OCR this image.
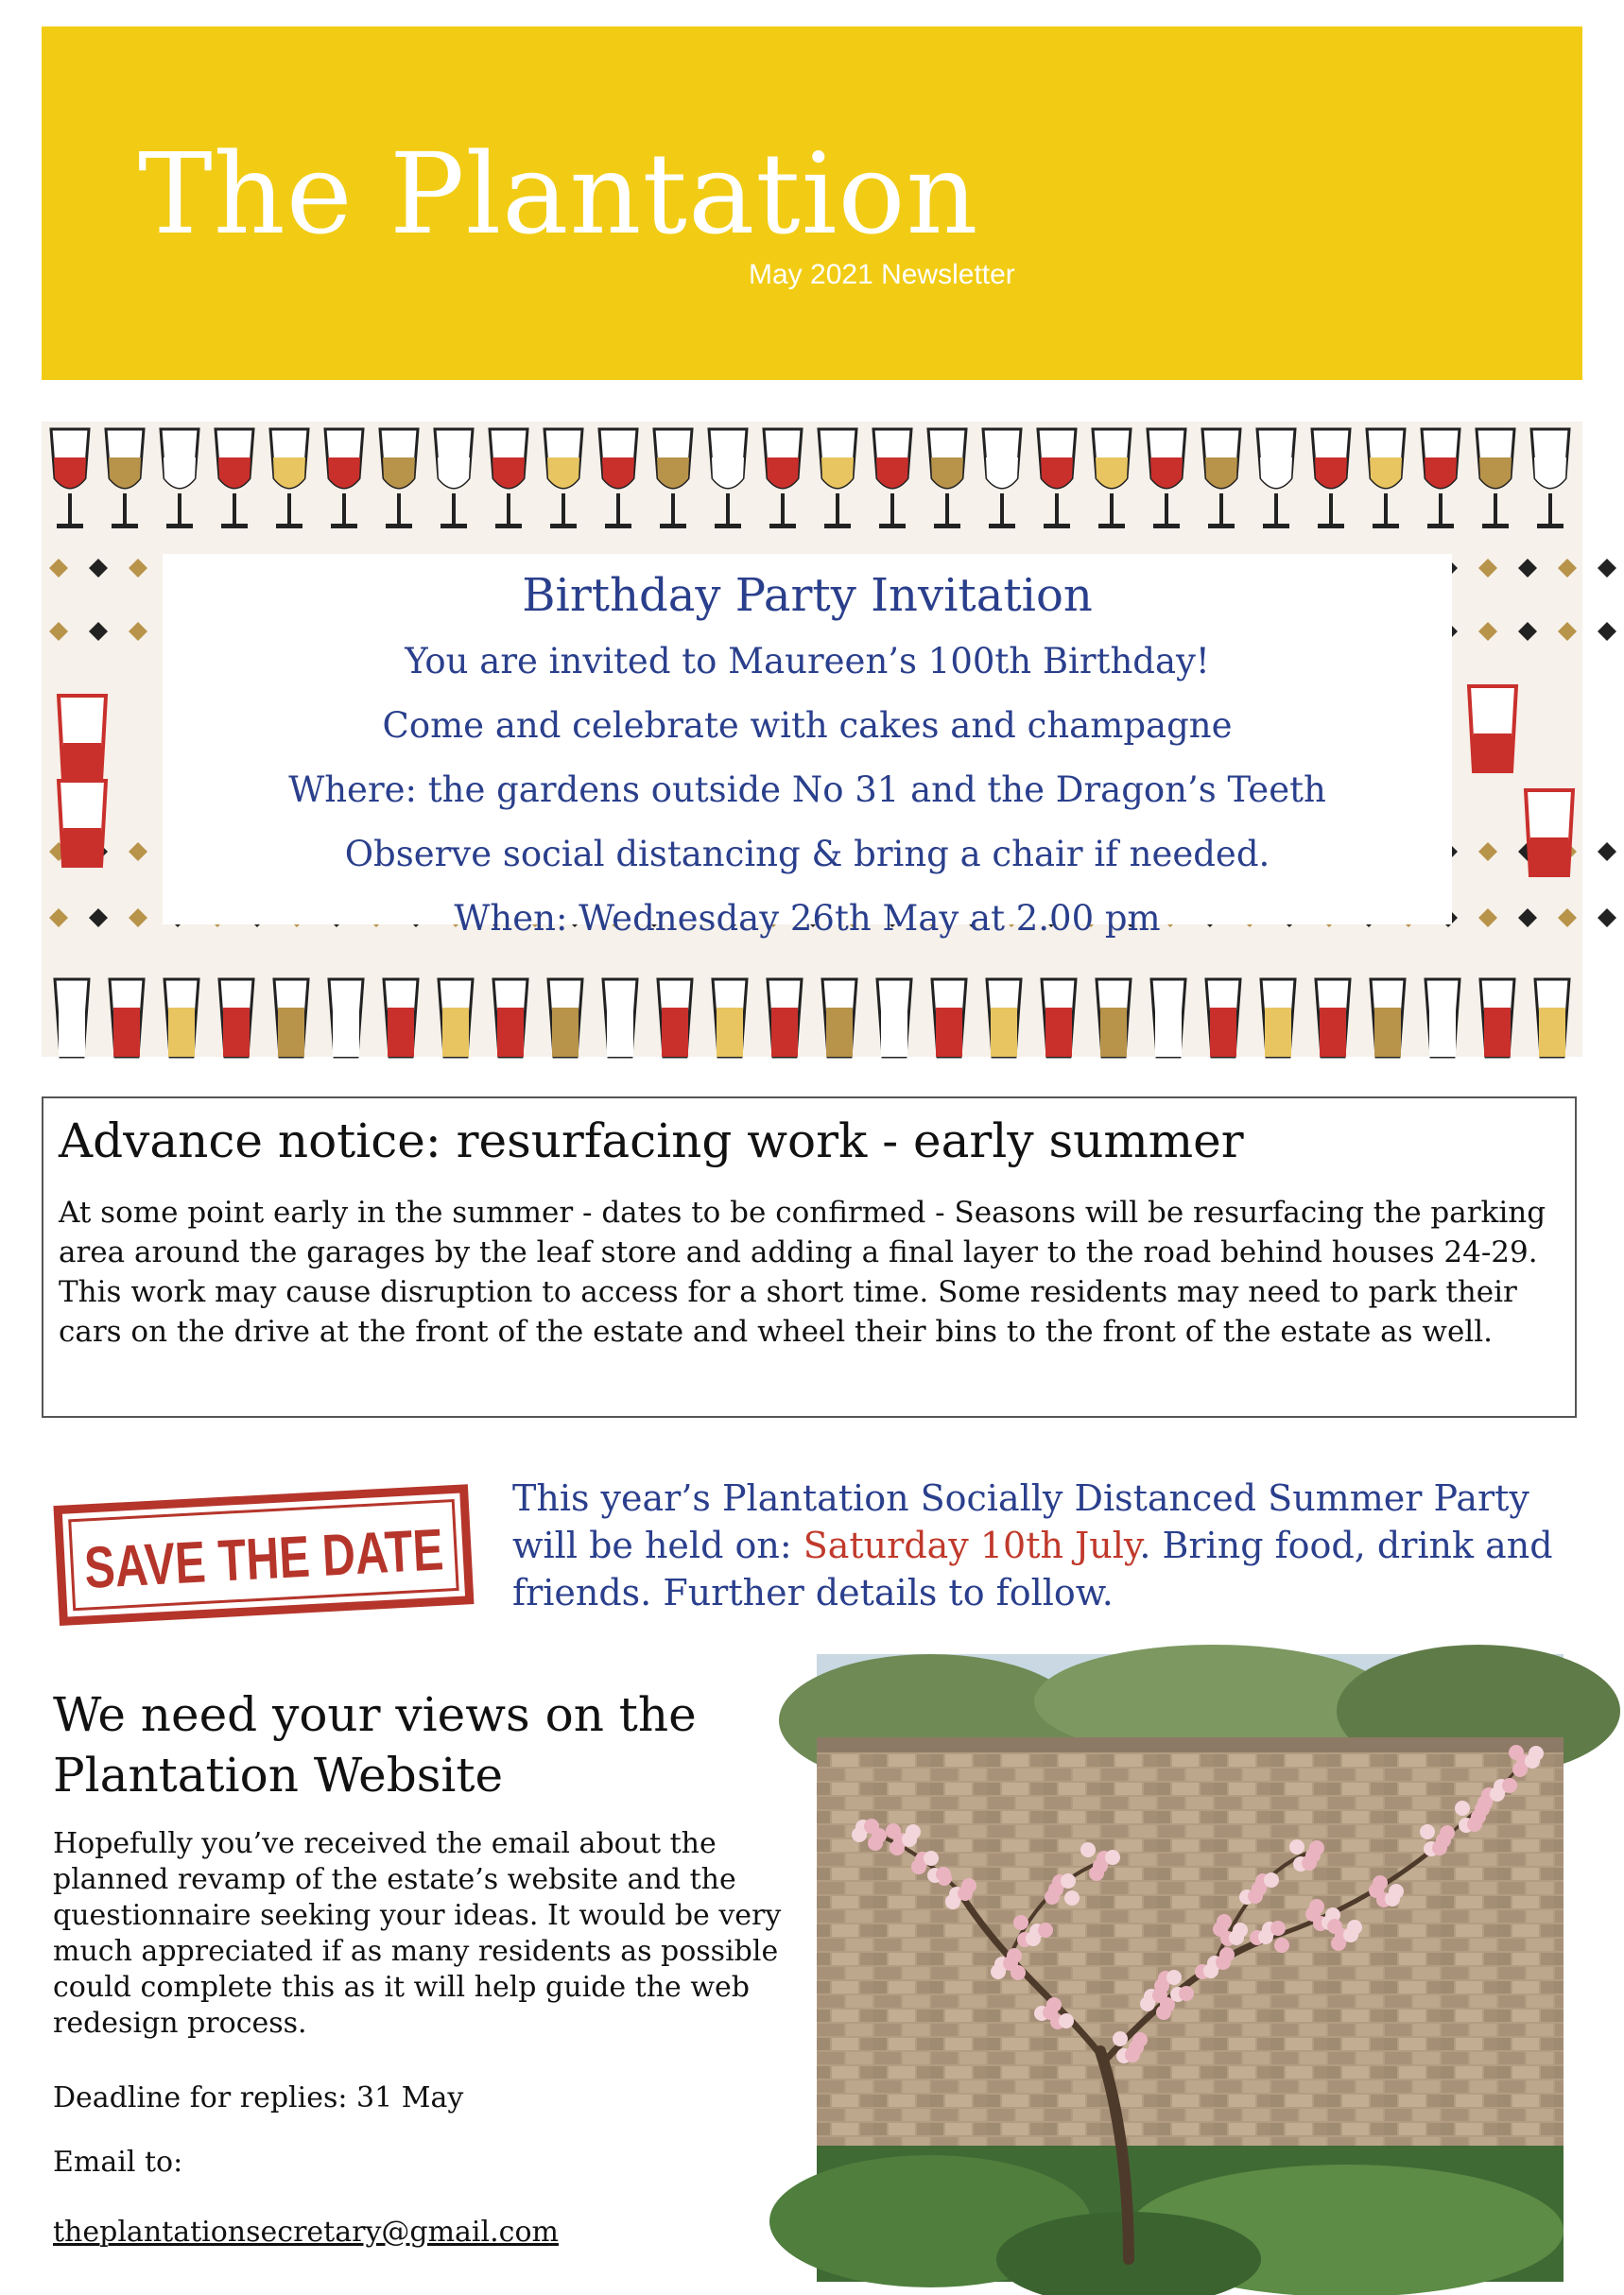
The Plantation
May 2021 Newsletter
Birthday Party Invitation
You are invited to Maureen’s 100th Birthday!
Come and celebrate with cakes and champagne
Where: the gardens outside No 31 and the Dragon’s Teeth
Observe social distancing & bring a chair if needed.
When: Wednesday 26th May at 2.00 pm
Advance notice: resurfacing work - early summer

At some point early in the summer - dates to be confirmed - Seasons will be resurfacing the parking area around the garages by the leaf store and adding a final layer to the road behind houses 24-29. This work may cause disruption to access for a short time. Some residents may need to park their cars on the drive at the front of the estate and wheel their bins to the front of the estate as well.

SAVE THE DATE

This year’s Plantation Socially Distanced Summer Party will be held on: Saturday 10th July. Bring food, drink and friends. Further details to follow.

We need your views on the Plantation Website

Hopefully you’ve received the email about the planned revamp of the estate’s website and the questionnaire seeking your ideas. It would be very much appreciated if as many residents as possible could complete this as it will help guide the web redesign process.

Deadline for replies: 31 May

Email to:

theplantationsecretary@gmail.com
